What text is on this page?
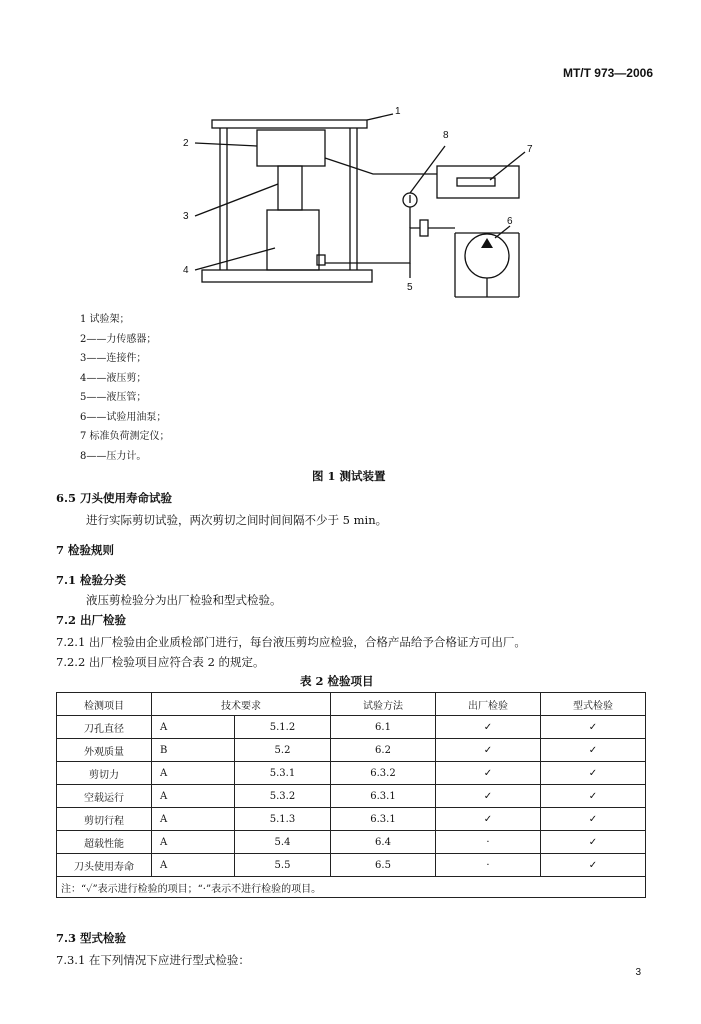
MT/T 973—2006
1
2
3
4
5
6
7
8
1 试验架；
2——力传感器；
3——连接件；
4——液压剪；
5——液压管；
6——试验用油泵；
7 标准负荷测定仪；
8——压力计。
图 1 测试装置
6.5 刀头使用寿命试验
进行实际剪切试验，两次剪切之间时间间隔不少于 5 min。
7 检验规则
7.1 检验分类
液压剪检验分为出厂检验和型式检验。
7.2 出厂检验
7.2.1 出厂检验由企业质检部门进行，每台液压剪均应检验，合格产品给予合格证方可出厂。
7.2.2 出厂检验项目应符合表 2 的规定。
表 2 检验项目
检测项目	技术要求		试验方法	出厂检验	型式检验
刀孔直径	A	5.1.2	6.1	✓	✓
外观质量	B	5.2	6.2	✓	✓
剪切力	A	5.3.1	6.3.2	✓	✓
空载运行	A	5.3.2	6.3.1	✓	✓
剪切行程	A	5.1.3	6.3.1	✓	✓
超载性能	A	5.4	6.4	·	✓
刀头使用寿命	A	5.5	6.5	·	✓
注：“✓”表示进行检验的项目；“·”表示不进行检验的项目。					
7.3 型式检验
7.3.1 在下列情况下应进行型式检验：
3
